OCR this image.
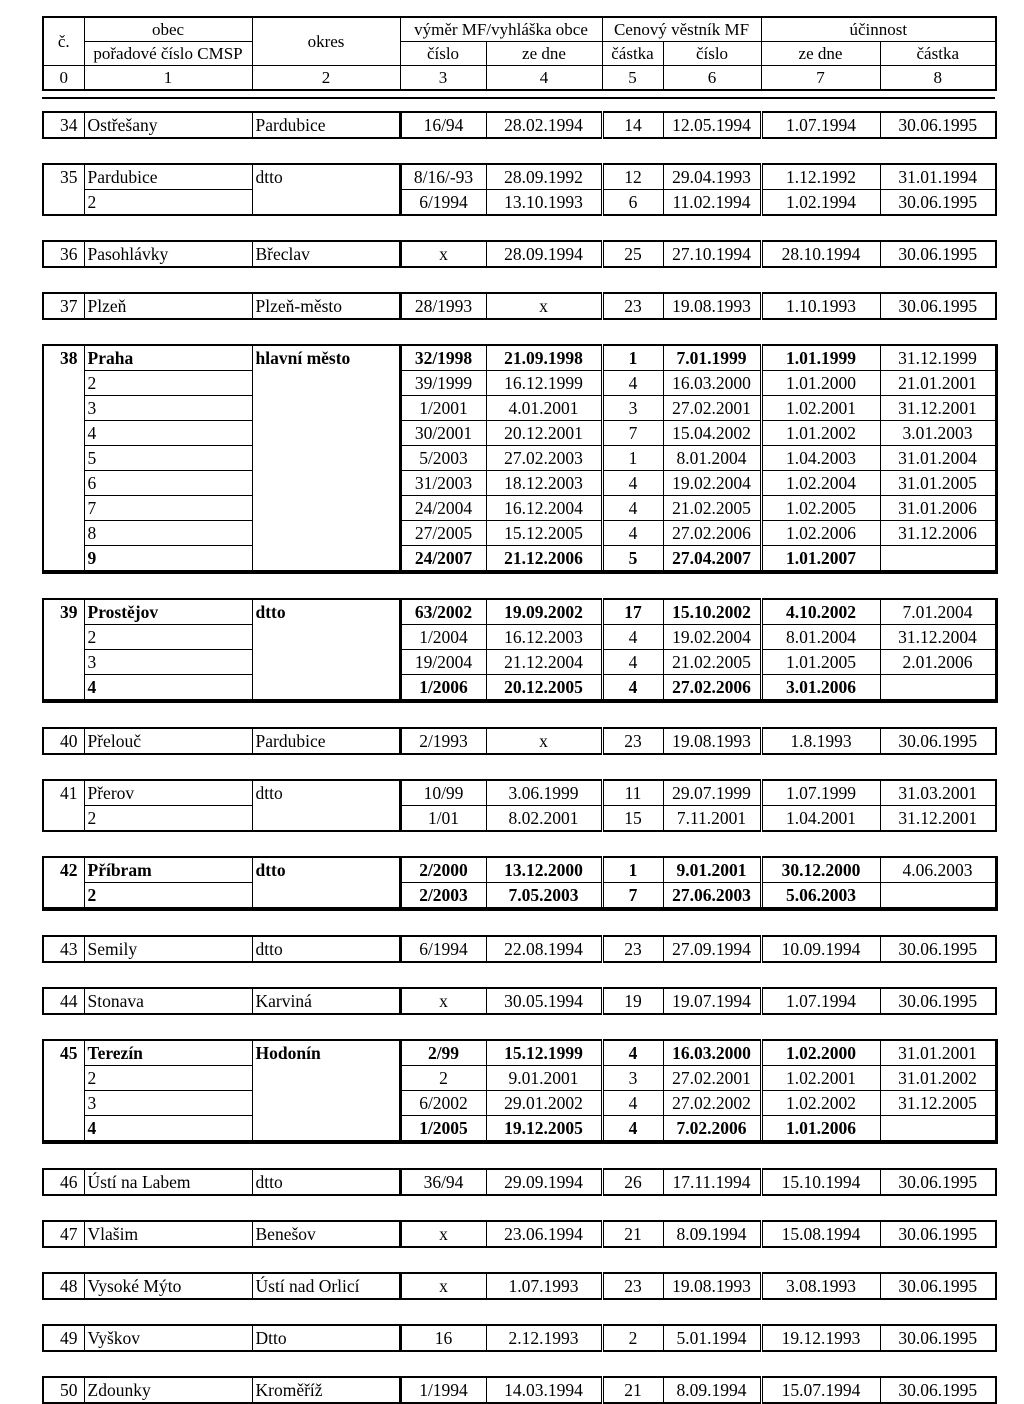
č.	obec	okres	výměr MF/vyhláška obce		Cenový věstník MF		účinnost	
	pořadové číslo CMSP		číslo	ze dne	částka	číslo	ze dne	částka
0	1	2	3	4	5	6	7	8
34	Ostřešany	Pardubice	16/94	28.02.1994	14	12.05.1994	1.07.1994	30.06.1995
35	Pardubice	dtto	8/16/-93	28.09.1992	12	29.04.1993	1.12.1992	31.01.1994
	2		6/1994	13.10.1993	6	11.02.1994	1.02.1994	30.06.1995
36	Pasohlávky	Břeclav	x	28.09.1994	25	27.10.1994	28.10.1994	30.06.1995
37	Plzeň	Plzeň-město	28/1993	x	23	19.08.1993	1.10.1993	30.06.1995
38	Praha	hlavní město	32/1998	21.09.1998	1	7.01.1999	1.01.1999	31.12.1999
	2		39/1999	16.12.1999	4	16.03.2000	1.01.2000	21.01.2001
	3		1/2001	4.01.2001	3	27.02.2001	1.02.2001	31.12.2001
	4		30/2001	20.12.2001	7	15.04.2002	1.01.2002	3.01.2003
	5		5/2003	27.02.2003	1	8.01.2004	1.04.2003	31.01.2004
	6		31/2003	18.12.2003	4	19.02.2004	1.02.2004	31.01.2005
	7		24/2004	16.12.2004	4	21.02.2005	1.02.2005	31.01.2006
	8		27/2005	15.12.2005	4	27.02.2006	1.02.2006	31.12.2006
	9		24/2007	21.12.2006	5	27.04.2007	1.01.2007	
39	Prostějov	dtto	63/2002	19.09.2002	17	15.10.2002	4.10.2002	7.01.2004
	2		1/2004	16.12.2003	4	19.02.2004	8.01.2004	31.12.2004
	3		19/2004	21.12.2004	4	21.02.2005	1.01.2005	2.01.2006
	4		1/2006	20.12.2005	4	27.02.2006	3.01.2006	
40	Přelouč	Pardubice	2/1993	x	23	19.08.1993	1.8.1993	30.06.1995
41	Přerov	dtto	10/99	3.06.1999	11	29.07.1999	1.07.1999	31.03.2001
	2		1/01	8.02.2001	15	7.11.2001	1.04.2001	31.12.2001
42	Příbram	dtto	2/2000	13.12.2000	1	9.01.2001	30.12.2000	4.06.2003
	2		2/2003	7.05.2003	7	27.06.2003	5.06.2003	
43	Semily	dtto	6/1994	22.08.1994	23	27.09.1994	10.09.1994	30.06.1995
44	Stonava	Karviná	x	30.05.1994	19	19.07.1994	1.07.1994	30.06.1995
45	Terezín	Hodonín	2/99	15.12.1999	4	16.03.2000	1.02.2000	31.01.2001
	2		2	9.01.2001	3	27.02.2001	1.02.2001	31.01.2002
	3		6/2002	29.01.2002	4	27.02.2002	1.02.2002	31.12.2005
	4		1/2005	19.12.2005	4	7.02.2006	1.01.2006	
46	Ústí na Labem	dtto	36/94	29.09.1994	26	17.11.1994	15.10.1994	30.06.1995
47	Vlašim	Benešov	x	23.06.1994	21	8.09.1994	15.08.1994	30.06.1995
48	Vysoké Mýto	Ústí nad Orlicí	x	1.07.1993	23	19.08.1993	3.08.1993	30.06.1995
49	Vyškov	Dtto	16	2.12.1993	2	5.01.1994	19.12.1993	30.06.1995
50	Zdounky	Kroměříž	1/1994	14.03.1994	21	8.09.1994	15.07.1994	30.06.1995
